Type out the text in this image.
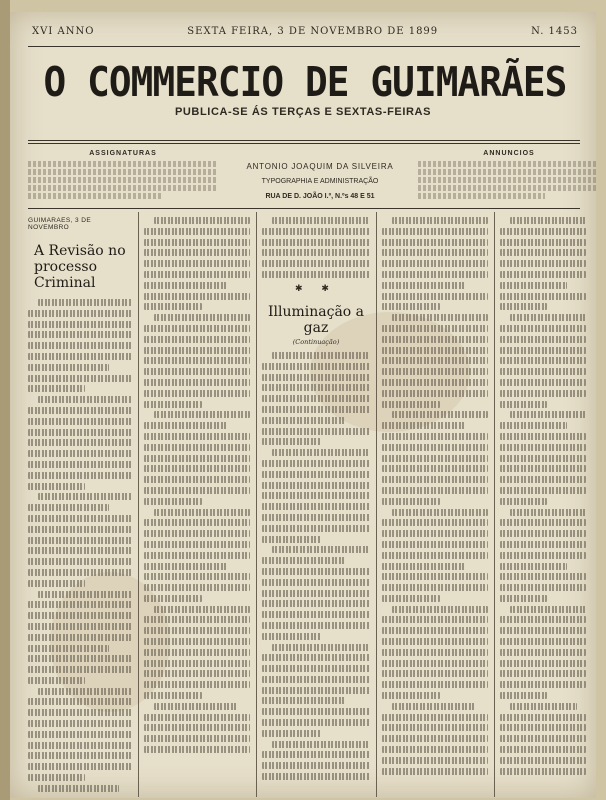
XVI ANNO	SEXTA FEIRA, 3 DE NOVEMBRO DE 1899	N. 1453
O COMMERCIO DE GUIMARÃES
PUBLICA-SE ÁS TERÇAS E SEXTAS-FEIRAS
ASSIGNATURAS
ANTONIO JOAQUIM DA SILVEIRA
TYPOGRAPHIA E ADMINISTRAÇÃO
RUA DE D. JOÃO I.º, N.ºs 48 E 51
ANNUNCIOS
GUIMARÃES, 3 DE NOVEMBRO
A Revisão no processo Criminal	✱ ✱
Illuminação a gaz
(Continuação)
